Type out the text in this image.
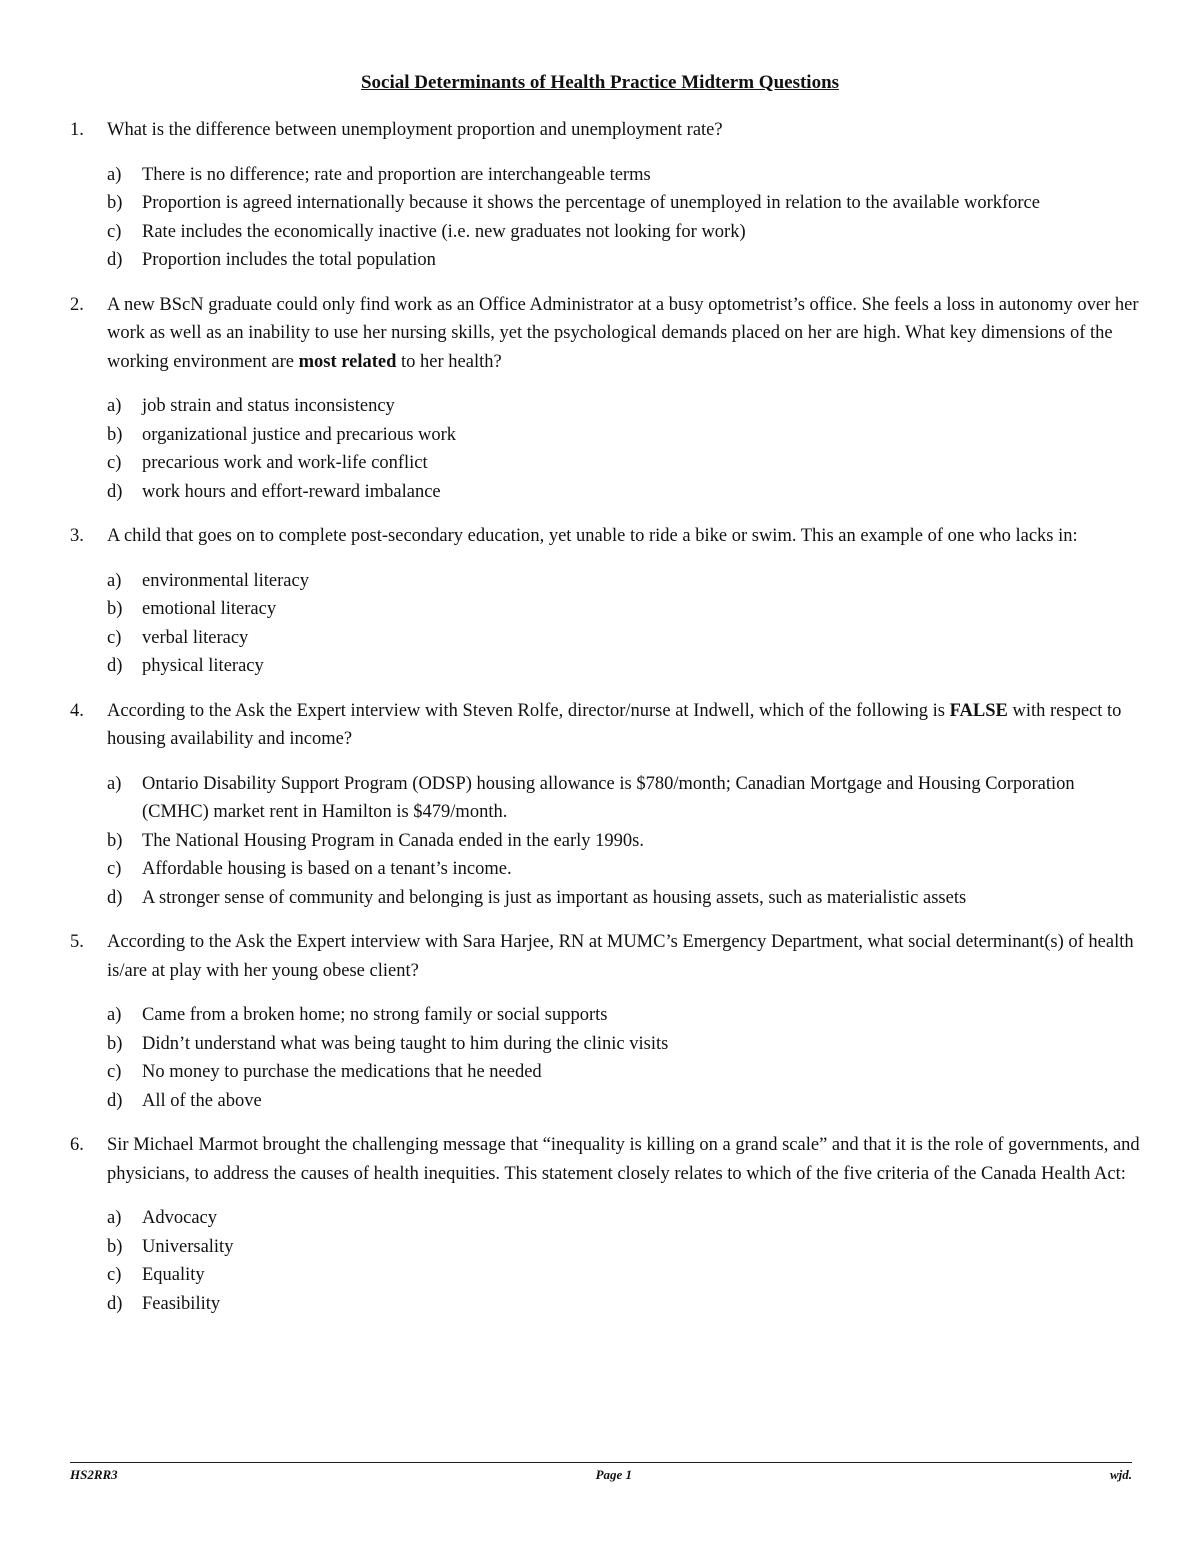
Social Determinants of Health Practice Midterm Questions
1.	What is the difference between unemployment proportion and unemployment rate?
a)	There is no difference; rate and proportion are interchangeable terms
b)	Proportion is agreed internationally because it shows the percentage of unemployed in relation to the available workforce
c)	Rate includes the economically inactive (i.e. new graduates not looking for work)
d)	Proportion includes the total population
2.	A new BScN graduate could only find work as an Office Administrator at a busy optometrist’s office. She feels a loss in autonomy over her work as well as an inability to use her nursing skills, yet the psychological demands placed on her are high. What key dimensions of the working environment are most related to her health?
a)	job strain and status inconsistency
b)	organizational justice and precarious work
c)	precarious work and work-life conflict
d)	work hours and effort-reward imbalance
3.	A child that goes on to complete post-secondary education, yet unable to ride a bike or swim. This an example of one who lacks in:
a)	environmental literacy
b)	emotional literacy
c)	verbal literacy
d)	physical literacy
4.	According to the Ask the Expert interview with Steven Rolfe, director/nurse at Indwell, which of the following is FALSE with respect to housing availability and income?
a)	Ontario Disability Support Program (ODSP) housing allowance is $780/month; Canadian Mortgage and Housing Corporation (CMHC) market rent in Hamilton is $479/month.
b)	The National Housing Program in Canada ended in the early 1990s.
c)	Affordable housing is based on a tenant’s income.
d)	A stronger sense of community and belonging is just as important as housing assets, such as materialistic assets
5.	According to the Ask the Expert interview with Sara Harjee, RN at MUMC’s Emergency Department, what social determinant(s) of health is/are at play with her young obese client?
a)	Came from a broken home; no strong family or social supports
b)	Didn’t understand what was being taught to him during the clinic visits
c)	No money to purchase the medications that he needed
d)	All of the above
6.	Sir Michael Marmot brought the challenging message that “inequality is killing on a grand scale” and that it is the role of governments, and physicians, to address the causes of health inequities. This statement closely relates to which of the five criteria of the Canada Health Act:
a)	Advocacy
b)	Universality
c)	Equality
d)	Feasibility
HS2RR3	Page 1	wjd.
